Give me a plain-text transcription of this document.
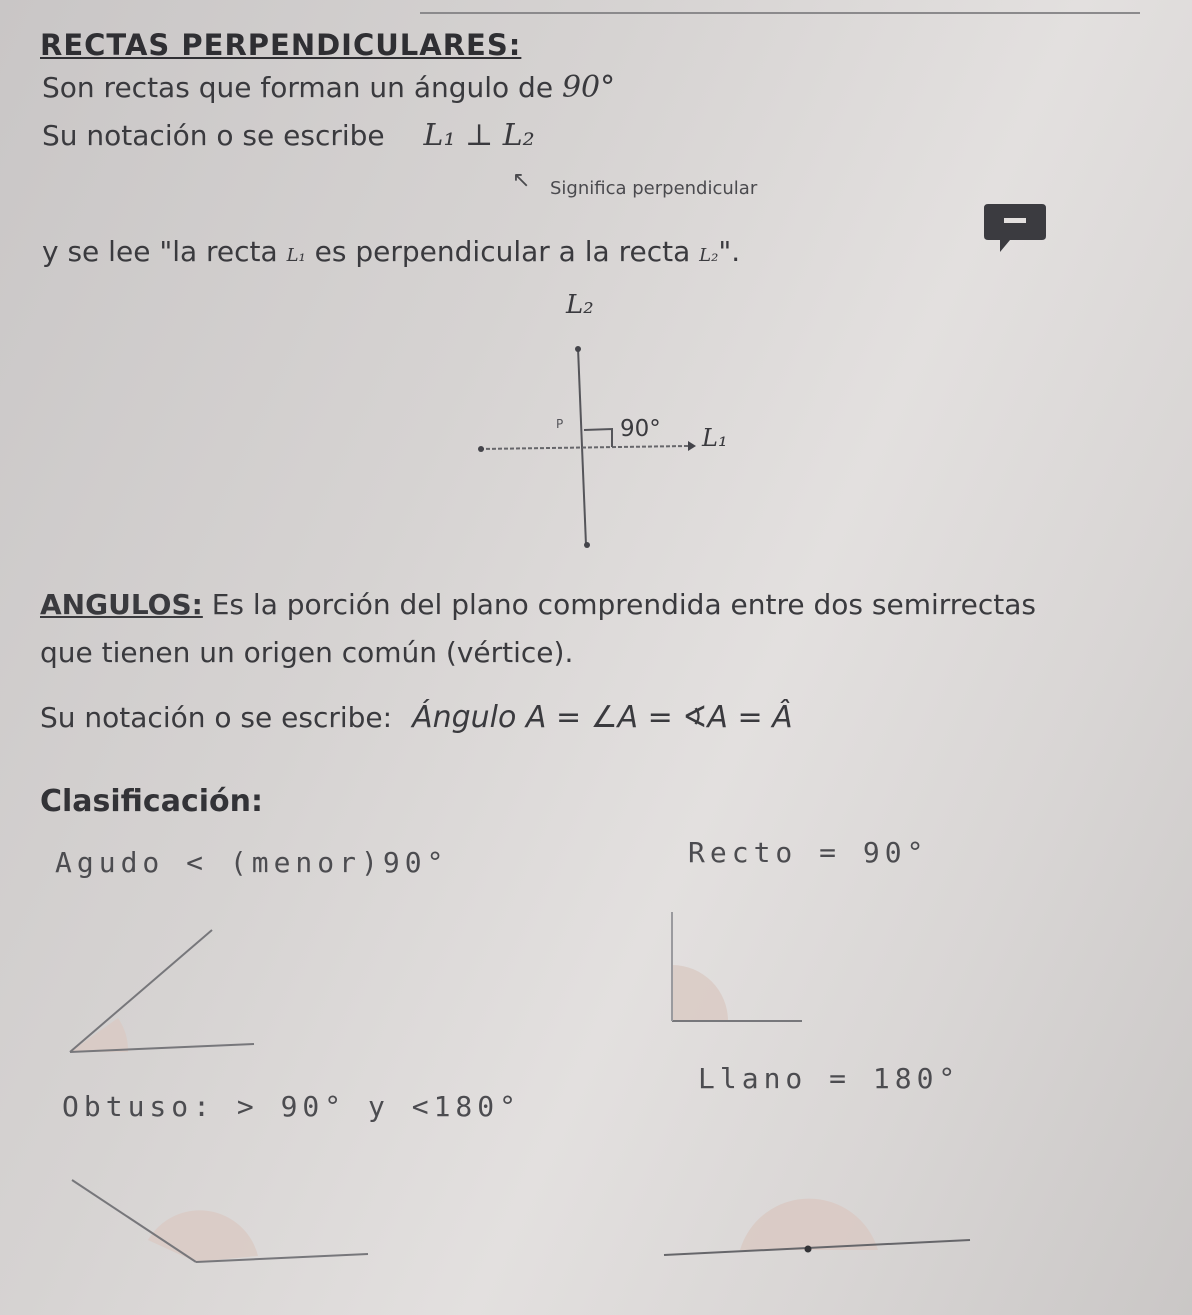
RECTAS PERPENDICULARES:
Son rectas que forman un ángulo de 90°
Su notación o se escribe L₁ ⊥ L₂
↖ Significa perpendicular
y se lee "la recta L₁ es perpendicular a la recta L₂".
L₂
L₁
P 90°
ANGULOS: Es la porción del plano comprendida entre dos semirrectas
que tienen un origen común (vértice).
Su notación o se escribe: Ángulo A = ∠A = ∢A = Â
Clasificación:
Agudo < (menor)90°	Recto = 90°
Obtuso: > 90° y <180°
Llano = 180°
